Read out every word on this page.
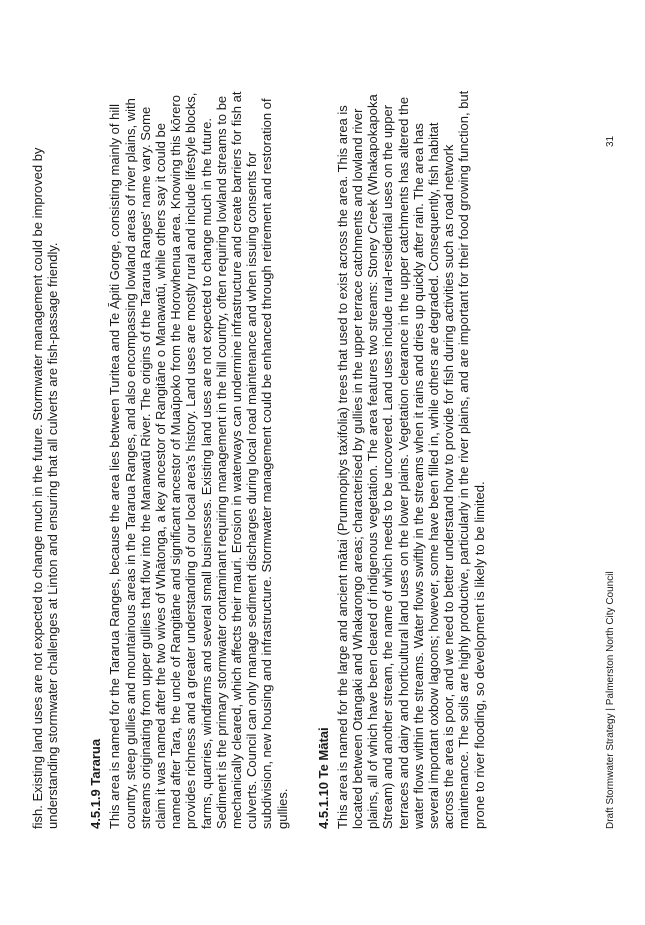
fish. Existing land uses are not expected to change much in the future. Stormwater management could be improved by understanding stormwater challenges at Linton and ensuring that all culverts are fish-passage friendly. 4.5.1.9 Tararua This area is named for the Tararua Ranges, because the area lies between Turitea and Te Āpiti Gorge, consisting mainly of hill country, steep gullies and mountainous areas in the Tararua Ranges, and also encompassing lowland areas of river plains, with streams originating from upper gullies that flow into the Manawatū River. The origins of the Tararua Ranges' name vary. Some claim it was named after the two wives of Whātonga, a key ancestor of Rangitāne o Manawatū, while others say it could be named after Tara, the uncle of Rangitāne and significant ancestor of Muaūpoko from the Horowhenua area. Knowing this kōrero provides richness and a greater understanding of our local area's history. Land uses are mostly rural and include lifestyle blocks, farms, quarries, windfarms and several small businesses. Existing land uses are not expected to change much in the future. Sediment is the primary stormwater contaminant requiring management in the hill country, often requiring lowland streams to be mechanically cleared, which affects their mauri. Erosion in waterways can undermine infrastructure and create barriers for fish at culverts. Council can only manage sediment discharges during local road maintenance and when issuing consents for subdivision, new housing and infrastructure. Stormwater management could be enhanced through retirement and restoration of gullies. 4.5.1.10 Te Mātai This area is named for the large and ancient mātai (Prumnopitys taxifolia) trees that used to exist across the area. This area is located between Otangaki and Whakarongo areas; characterised by gullies in the upper terrace catchments and lowland river plains, all of which have been cleared of indigenous vegetation. The area features two streams: Stoney Creek (Whakapokapoka Stream) and another stream, the name of which needs to be uncovered. Land uses include rural-residential uses on the upper terraces and dairy and horticultural land uses on the lower plains. Vegetation clearance in the upper catchments has altered the water flows within the streams. Water flows swiftly in the streams when it rains and dries up quickly after rain. The area has several important oxbow lagoons; however, some have been filled in, while others are degraded. Consequently, fish habitat across the area is poor, and we need to better understand how to provide for fish during activities such as road network maintenance. The soils are highly productive, particularly in the river plains, and are important for their food growing function, but prone to river flooding, so development is likely to be limited.	Draft Stormwater Strategy | Palmerston North City Council
31
